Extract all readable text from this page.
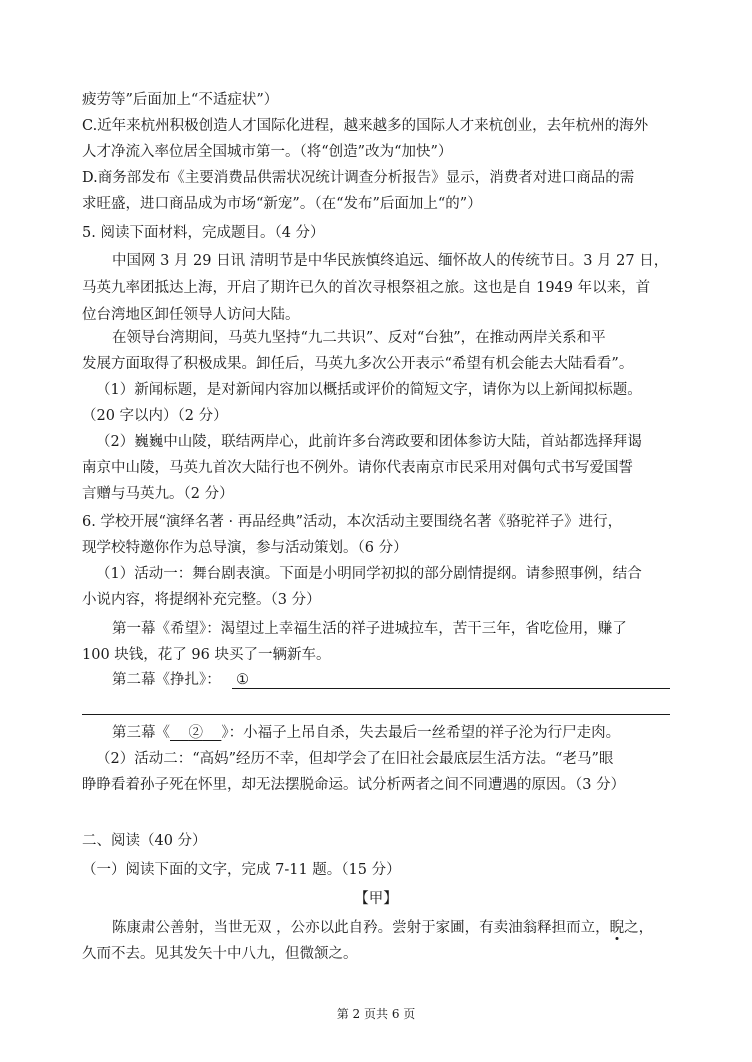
疲劳等”后面加上“不适症状”）
C.近年来杭州积极创造人才国际化进程，越来越多的国际人才来杭创业，去年杭州的海外
人才净流入率位居全国城市第一。（将“创造”改为“加快”）
D.商务部发布《主要消费品供需状况统计调查分析报告》显示，消费者对进口商品的需
求旺盛，进口商品成为市场“新宠”。（在“发布”后面加上“的”）
5. 阅读下面材料，完成题目。（4 分）
中国网 3 月 29 日讯 清明节是中华民族慎终追远、缅怀故人的传统节日。3 月 27 日，
马英九率团抵达上海，开启了期许已久的首次寻根祭祖之旅。这也是自 1949 年以来，首
位台湾地区卸任领导人访问大陆。
在领导台湾期间，马英九坚持“九二共识”、反对“台独”，在推动两岸关系和平
发展方面取得了积极成果。卸任后，马英九多次公开表示“希望有机会能去大陆看看”。
（1）新闻标题，是对新闻内容加以概括或评价的简短文字，请你为以上新闻拟标题。
（20 字以内）（2 分）
（2）巍巍中山陵，联结两岸心，此前许多台湾政要和团体参访大陆，首站都选择拜谒
南京中山陵，马英九首次大陆行也不例外。请你代表南京市民采用对偶句式书写爱国誓
言赠与马英九。（2 分）
6. 学校开展“演绎名著 · 再品经典”活动，本次活动主要围绕名著《骆驼祥子》进行，
现学校特邀你作为总导演，参与活动策划。（6 分）
（1）活动一：舞台剧表演。下面是小明同学初拟的部分剧情提纲。请参照事例，结合
小说内容，将提纲补充完整。（3 分）
第一幕《希望》：渴望过上幸福生活的祥子进城拉车，苦干三年，省吃俭用，赚了
100 块钱，花了 96 块买了一辆新车。
第二幕《挣扎》： ①
第三幕《 ② 》：小福子上吊自杀，失去最后一丝希望的祥子沦为行尸走肉。
（2）活动二：“高妈”经历不幸，但却学会了在旧社会最底层生活方法。“老马”眼
睁睁看着孙子死在怀里，却无法摆脱命运。试分析两者之间不同遭遇的原因。（3 分）
二、阅读（40 分）
（一）阅读下面的文字，完成 7-11 题。（15 分）
【甲】
陈康肃公善射，当世无双 ，公亦以此自矜。尝射于家圃，有卖油翁释担而立，睨之，
久而不去。见其发矢十中八九，但微颔之。
第 2 页共 6 页
